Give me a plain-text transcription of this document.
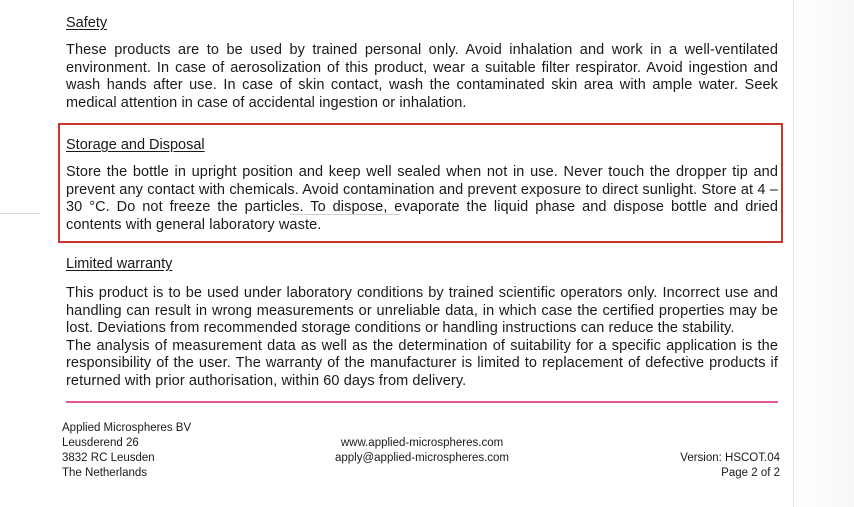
Safety

These products are to be used by trained personal only. Avoid inhalation and work in a well-ventilated environment. In case of aerosolization of this product, wear a suitable filter respirator. Avoid ingestion and wash hands after use. In case of skin contact, wash the contaminated skin area with ample water. Seek medical attention in case of accidental ingestion or inhalation.

Storage and Disposal

Store the bottle in upright position and keep well sealed when not in use. Never touch the dropper tip and prevent any contact with chemicals. Avoid contamination and prevent exposure to direct sunlight. Store at 4 – 30 °C. Do not freeze the particles. To dispose, evaporate the liquid phase and dispose bottle and dried contents with general laboratory waste.

Limited warranty

This product is to be used under laboratory conditions by trained scientific operators only. Incorrect use and handling can result in wrong measurements or unreliable data, in which case the certified properties may be lost. Deviations from recommended storage conditions or handling instructions can reduce the stability.

The analysis of measurement data as well as the determination of suitability for a specific application is the responsibility of the user. The warranty of the manufacturer is limited to replacement of defective products if returned with prior authorisation, within 60 days from delivery.

Applied Microspheres BV
Leusderend 26
3832 RC Leusden
The Netherlands
www.applied-microspheres.com
apply@applied-microspheres.com	Version: HSCOT.04
Page 2 of 2
